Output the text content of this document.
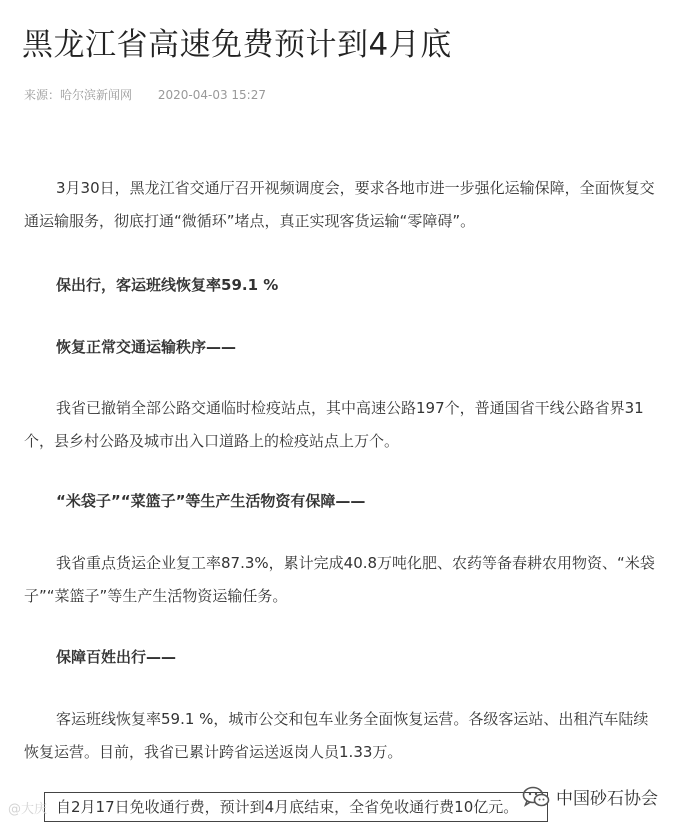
黑龙江省高速免费预计到4月底
来源：哈尔滨新闻网 2020-04-03 15:27

3月30日，黑龙江省交通厅召开视频调度会，要求各地市进一步强化运输保障，全面恢复交通运输服务，彻底打通“微循环”堵点，真正实现客货运输“零障碍”。

保出行，客运班线恢复率59.1 %

恢复正常交通运输秩序——

我省已撤销全部公路交通临时检疫站点，其中高速公路197个，普通国省干线公路省界31个，县乡村公路及城市出入口道路上的检疫站点上万个。

“米袋子”“菜篮子”等生产生活物资有保障——

我省重点货运企业复工率87.3%，累计完成40.8万吨化肥、农药等备春耕农用物资、“米袋子”“菜篮子”等生产生活物资运输任务。

保障百姓出行——

客运班线恢复率59.1 %，城市公交和包车业务全面恢复运营。各级客运站、出租汽车陆续恢复运营。目前，我省已累计跨省运送返岗人员1.33万。

自2月17日免收通行费，预计到4月底结束，全省免收通行费10亿元。
@大庆
中国砂石协会
